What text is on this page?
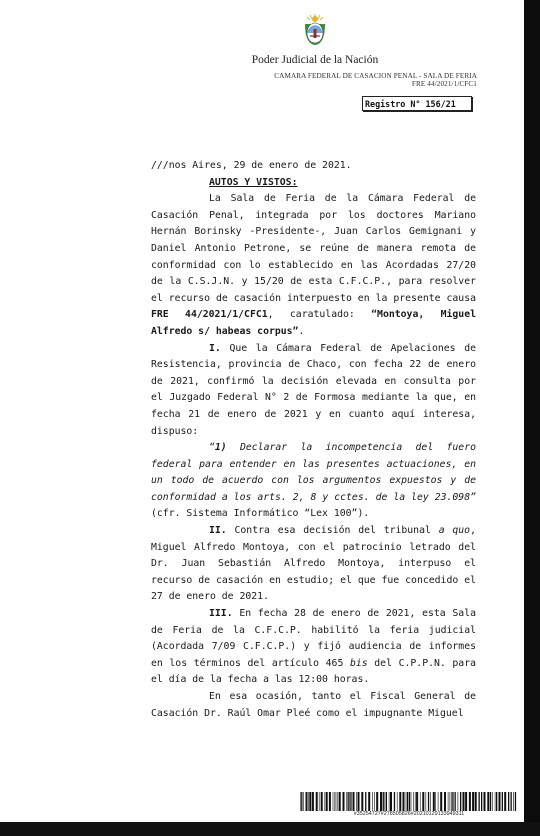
Poder Judicial de la Nación
CAMARA FEDERAL DE CASACION PENAL - SALA DE FERIA
FRE 44/2021/1/CFC1
Registro N° 156/21

///nos Aires, 29 de enero de 2021.

AUTOS Y VISTOS:

La Sala de Feria de la Cámara Federal de Casación Penal, integrada por los doctores Mariano Hernán Borinsky -Presidente-, Juan Carlos Gemignani y Daniel Antonio Petrone, se reúne de manera remota de conformidad con lo establecido en las Acordadas 27/20 de la C.S.J.N. y 15/20 de esta C.F.C.P., para resolver el recurso de casación interpuesto en la presente causa FRE 44/2021/1/CFC1, caratulado: “Montoya, Miguel Alfredo s/ habeas corpus”.

I. Que la Cámara Federal de Apelaciones de Resistencia, provincia de Chaco, con fecha 22 de enero de 2021, confirmó la decisión elevada en consulta por el Juzgado Federal N° 2 de Formosa mediante la que, en fecha 21 de enero de 2021 y en cuanto aquí interesa, dispuso:

“1) Declarar la incompetencia del fuero federal para entender en las presentes actuaciones, en un todo de acuerdo con los argumentos expuestos y de conformidad a los arts. 2, 8 y cctes. de la ley 23.098” (cfr. Sistema Informático “Lex 100”).

II. Contra esa decisión del tribunal a quo, Miguel Alfredo Montoya, con el patrocinio letrado del Dr. Juan Sebastián Alfredo Montoya, interpuso el recurso de casación en estudio; el que fue concedido el 27 de enero de 2021.

III. En fecha 28 de enero de 2021, esta Sala de Feria de la C.F.C.P. habilitó la feria judicial (Acordada 7/09 C.F.C.P.) y fijó audiencia de informes en los términos del artículo 465 bis del C.P.P.N. para el día de la fecha a las 12:00 horas.

En esa ocasión, tanto el Fiscal General de Casación Dr. Raúl Omar Pleé como el impugnante Miguel

#35254727#278505826#20210129133949311
